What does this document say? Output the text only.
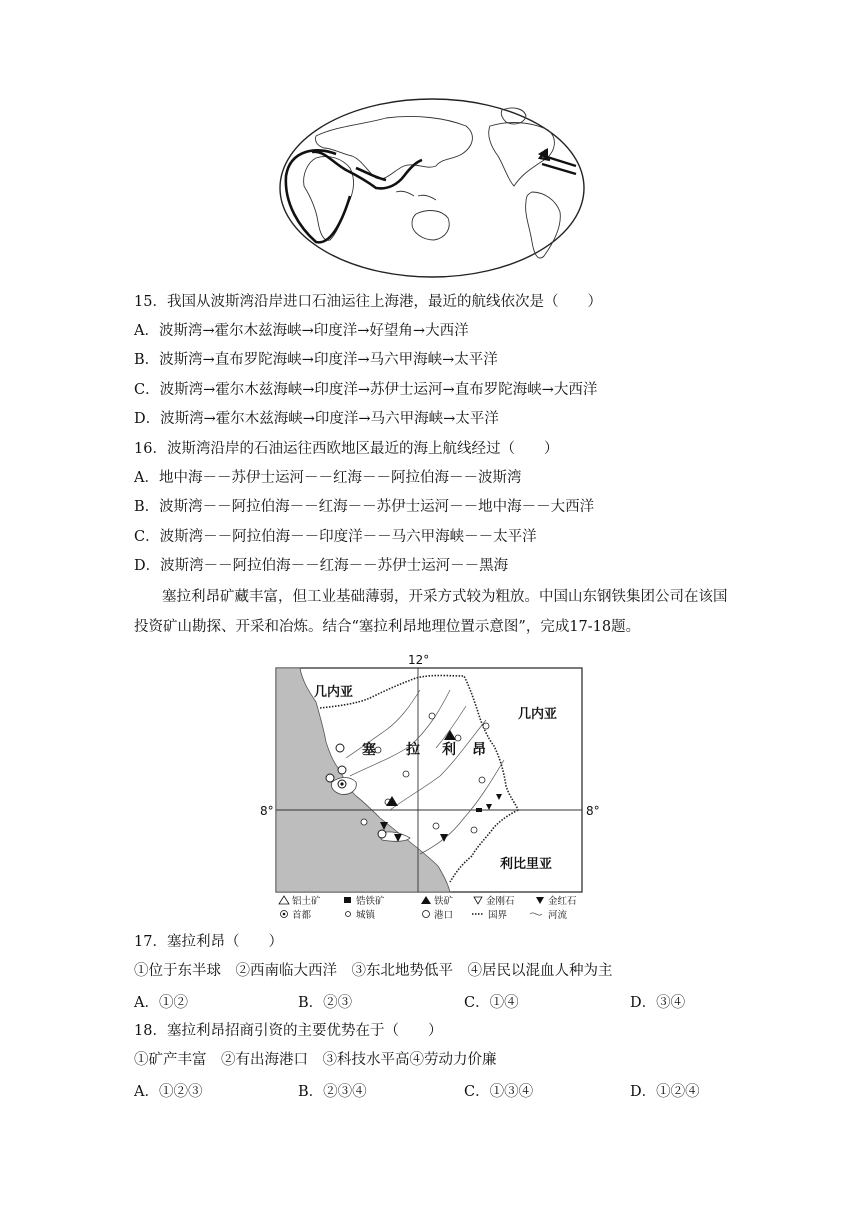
15．我国从波斯湾沿岸进口石油运往上海港，最近的航线依次是（　　）
A．波斯湾→霍尔木兹海峡→印度洋→好望角→大西洋
B．波斯湾→直布罗陀海峡→印度洋→马六甲海峡→太平洋
C．波斯湾→霍尔木兹海峡→印度洋→苏伊士运河→直布罗陀海峡→大西洋
D．波斯湾→霍尔木兹海峡→印度洋→马六甲海峡→太平洋
16．波斯湾沿岸的石油运往西欧地区最近的海上航线经过（　　）
A．地中海－－苏伊士运河－－红海－－阿拉伯海－－波斯湾
B．波斯湾－－阿拉伯海－－红海－－苏伊士运河－－地中海－－大西洋
C．波斯湾－－阿拉伯海－－印度洋－－马六甲海峡－－太平洋
D．波斯湾－－阿拉伯海－－红海－－苏伊士运河－－黑海
塞拉利昂矿藏丰富，但工业基础薄弱，开采方式较为粗放。中国山东钢铁集团公司在该国投资矿山勘探、开采和冶炼。结合“塞拉利昂地理位置示意图”，完成17-18题。
12°
8°	8°
几内亚
几内亚
塞 拉 利 昂
利比里亚
铝土矿	锆铁矿	铁矿	金刚石	金红石
首都	城镇	港口	国界	河流
17．塞拉利昂（　　）
①位于东半球　②西南临大西洋　③东北地势低平　④居民以混血人种为主
A．①②	B．②③	C．①④	D．③④
18．塞拉利昂招商引资的主要优势在于（　　）
①矿产丰富　②有出海港口　③科技水平高④劳动力价廉
A．①②③	B．②③④	C．①③④	D．①②④
